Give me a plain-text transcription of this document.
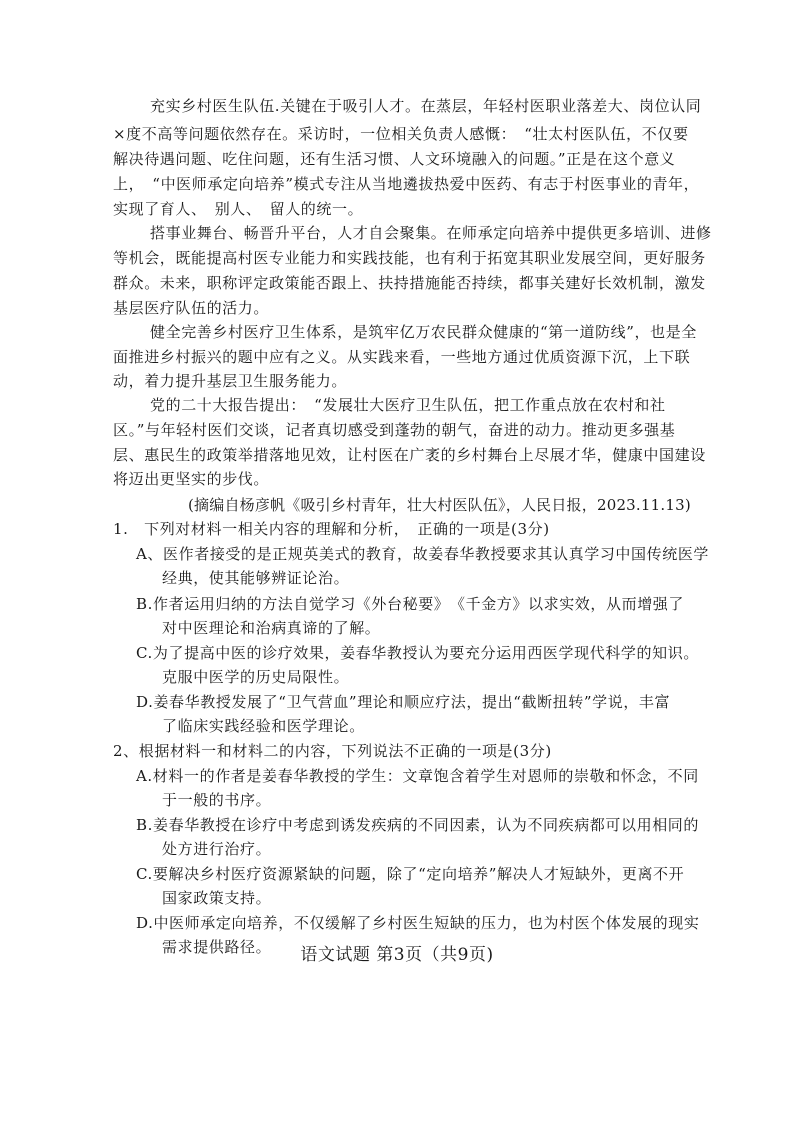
充实乡村医生队伍.关键在于吸引人才。在蒸层，年轻村医职业落差大、岗位认同
×度不高等问题依然存在。采访时，一位相关负责人感慨：　“壮太村医队伍，不仅要
解决待遇问题、吃住问题，还有生活习惯、人文环境融入的问题。”正是在这个意义
上，　“中医师承定向培养”模式专注从当地遴拔热爱中医药、有志于村医事业的青年，
实现了育人、　别人、　留人的统一。
搭事业舞台、畅晋升平台，人才自会聚集。在师承定向培养中提供更多培训、进修
等机会，既能提高村医专业能力和实践技能，也有利于拓宽其职业发展空间，更好服务
群众。未来，职称评定政策能否跟上、扶持措施能否持续，都事关建好长效机制，激发
基层医疗队伍的活力。
健全完善乡村医疗卫生体系，是筑牢亿万农民群众健康的“第一道防线”，也是全
面推进乡村振兴的题中应有之义。从实践来看，一些地方通过优质资源下沉，上下联
动，着力提升基层卫生服务能力。
党的二十大报告提出：　“发展壮大医疗卫生队伍，把工作重点放在农村和社
区。”与年轻村医们交谈，记者真切感受到蓬勃的朝气，奋进的动力。推动更多强基
层、惠民生的政策举措落地见效，让村医在广袤的乡村舞台上尽展才华，健康中国建设
将迈出更坚实的步伐。
(摘编自杨彦帆《吸引乡村青年，壮大村医队伍》，人民日报，2023.11.13)
1.　下列对材料一相关内容的理解和分析，　正确的一项是(3分)
A、医作者接受的是正规英美式的教育，故姜春华教授要求其认真学习中国传统医学
经典，使其能够辨证论治。
B.作者运用归纳的方法自觉学习《外台秘要》　《千金方》以求实效，从而增强了
对中医理论和治病真谛的了解。
C.为了提高中医的诊疗效果，姜春华教授认为要充分运用西医学现代科学的知识。
克服中医学的历史局限性。
D.姜春华教授发展了“卫气营血”理论和顺应疗法，提出“截断扭转”学说，丰富
了临床实践经验和医学理论。
2、根据材料一和材料二的内容，下列说法不正确的一项是(3分)
A.材料一的作者是姜春华教授的学生：文章饱含着学生对恩师的崇敬和怀念，不同
于一般的书序。
B.姜春华教授在诊疗中考虑到诱发疾病的不同因素，认为不同疾病都可以用相同的
处方进行治疗。
C.要解决乡村医疗资源紧缺的问题，除了“定向培养”解决人才短缺外，更离不开
国家政策支持。
D.中医师承定向培养，不仅缓解了乡村医生短缺的压力，也为村医个体发展的现实
需求提供路径。	语文试题 第3页（共9页)
